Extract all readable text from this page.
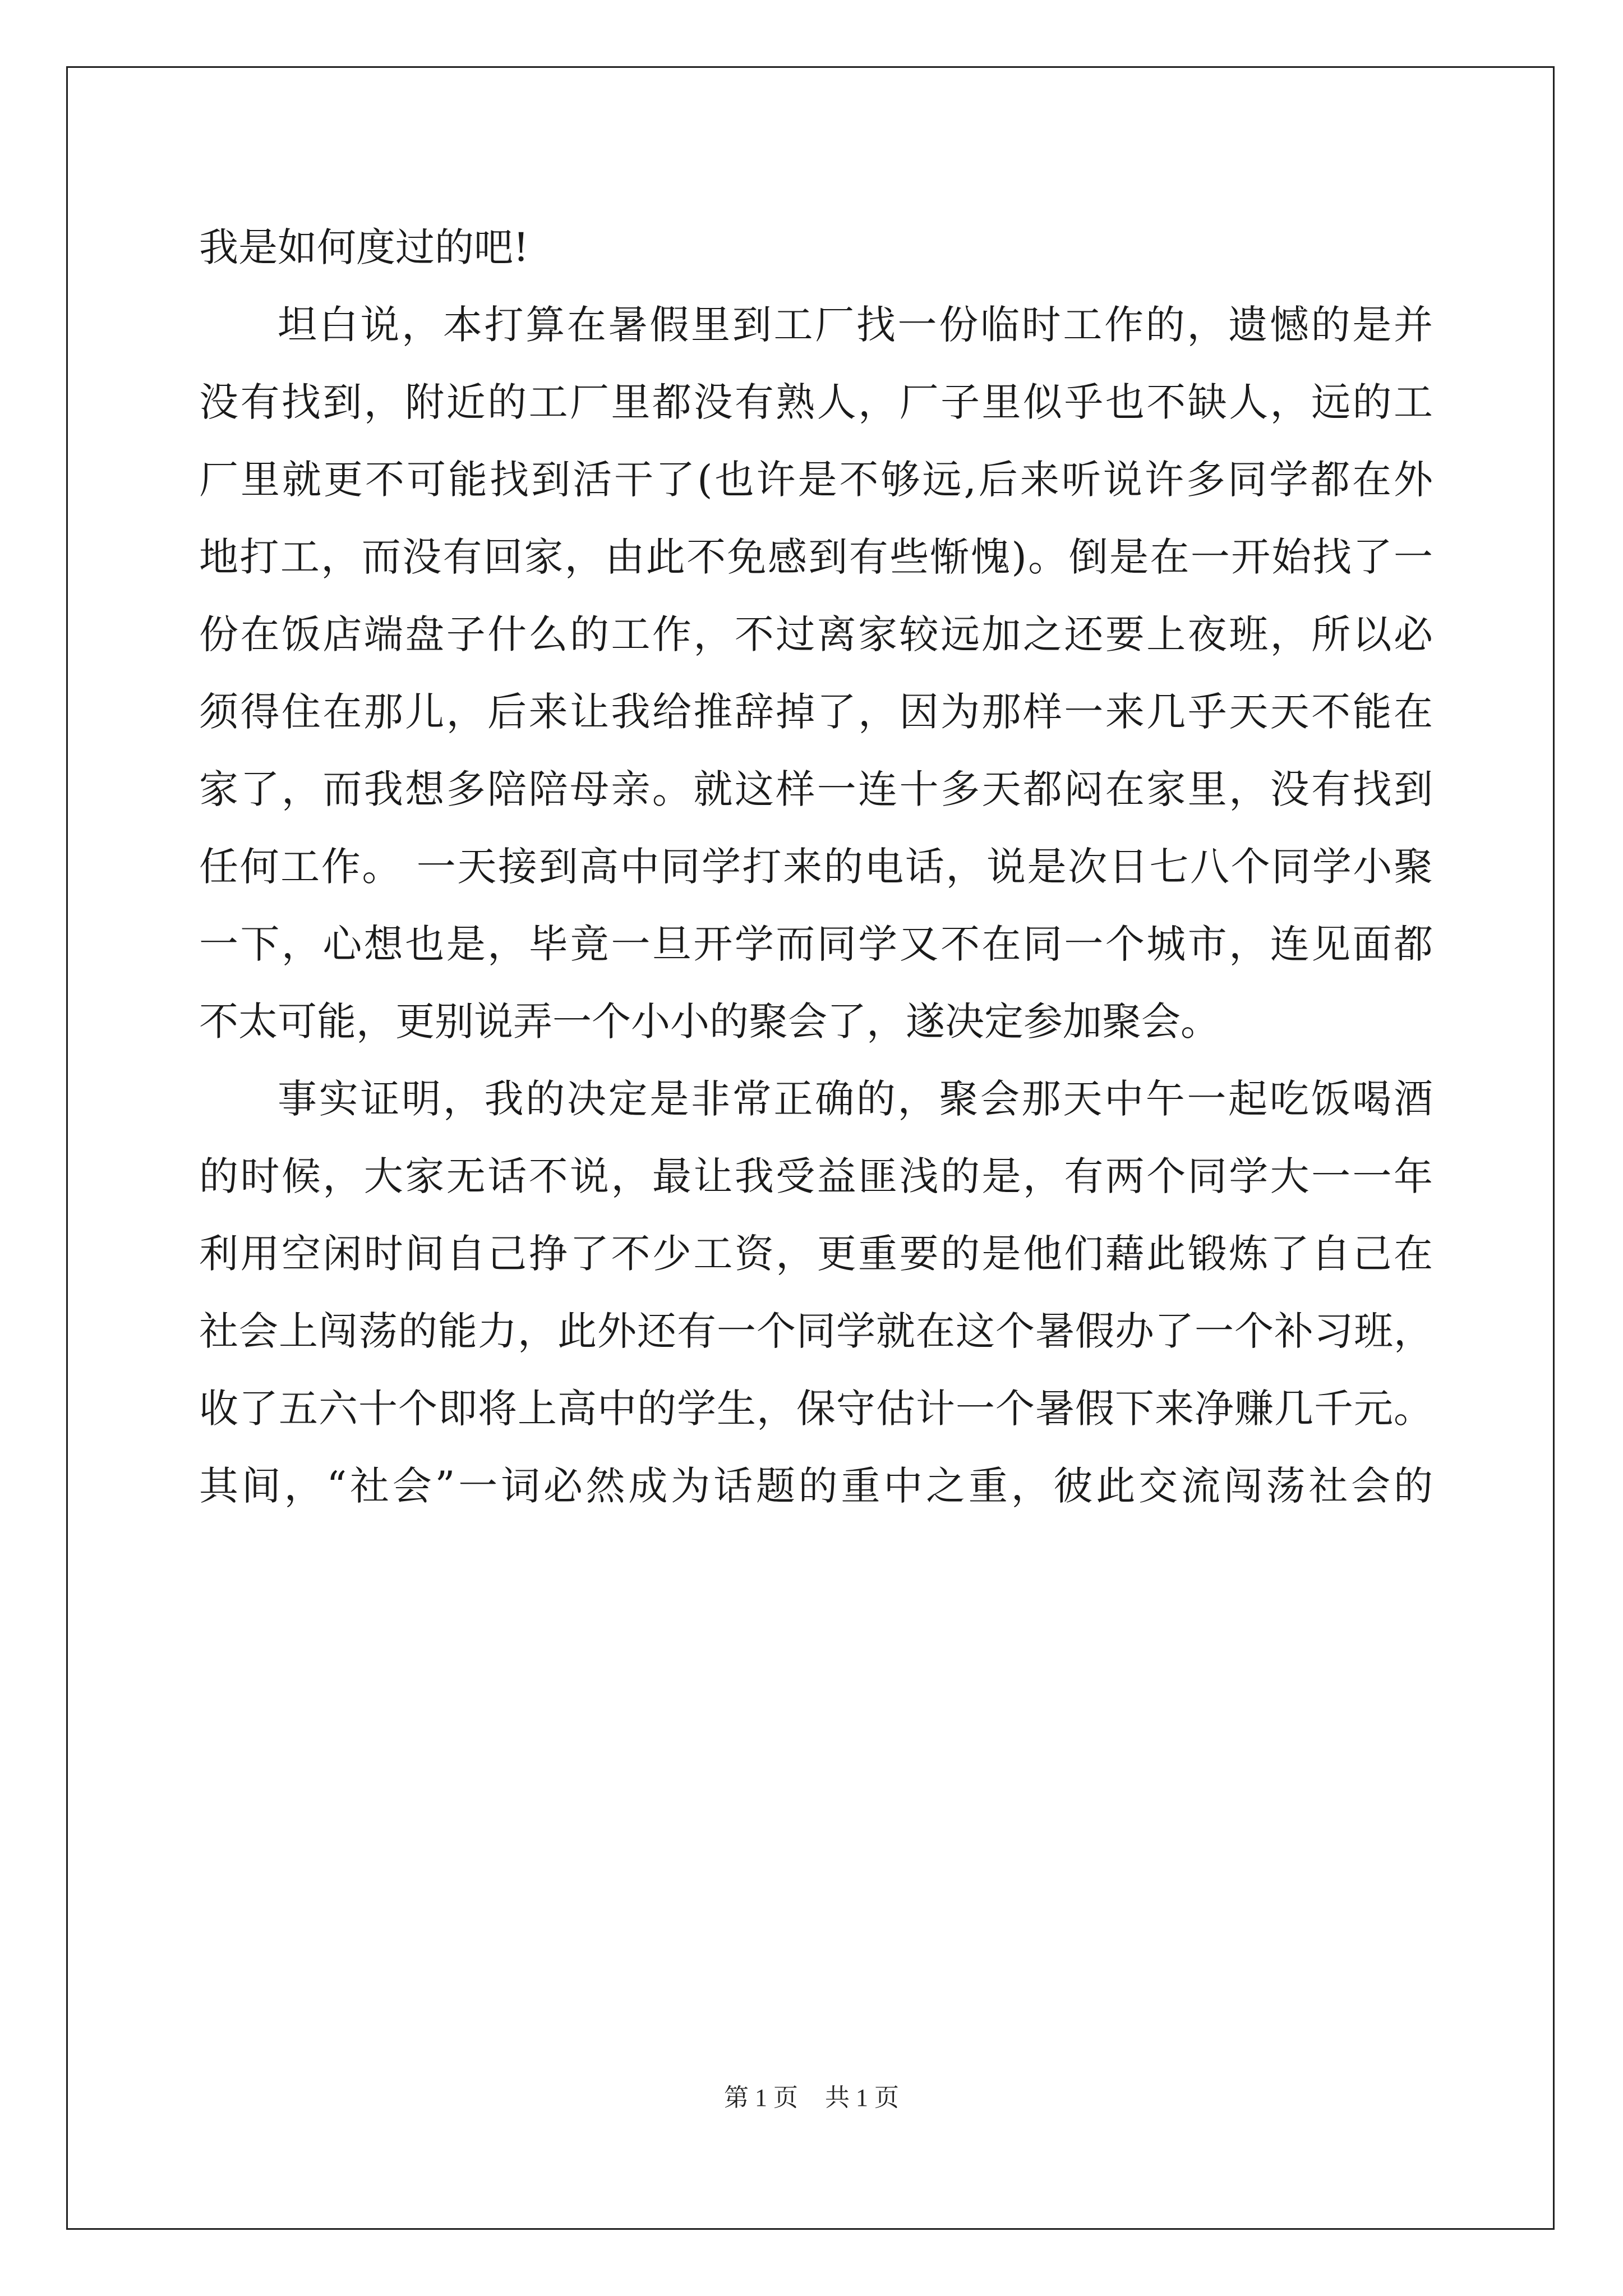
我是如何度过的吧!
坦白说，本打算在暑假里到工厂找一份临时工作的，遗憾的是并
没有找到，附近的工厂里都没有熟人，厂子里似乎也不缺人，远的工
厂里就更不可能找到活干了(也许是不够远,后来听说许多同学都在外
地打工，而没有回家，由此不免感到有些惭愧)。倒是在一开始找了一
份在饭店端盘子什么的工作，不过离家较远加之还要上夜班，所以必
须得住在那儿，后来让我给推辞掉了，因为那样一来几乎天天不能在
家了，而我想多陪陪母亲。就这样一连十多天都闷在家里，没有找到
任何工作。 一天接到高中同学打来的电话，说是次日七八个同学小聚
一下，心想也是，毕竟一旦开学而同学又不在同一个城市，连见面都
不太可能，更别说弄一个小小的聚会了，遂决定参加聚会。
事实证明，我的决定是非常正确的，聚会那天中午一起吃饭喝酒
的时候，大家无话不说，最让我受益匪浅的是，有两个同学大一一年
利用空闲时间自己挣了不少工资，更重要的是他们藉此锻炼了自己在
社会上闯荡的能力，此外还有一个同学就在这个暑假办了一个补习班，
收了五六十个即将上高中的学生，保守估计一个暑假下来净赚几千元。
其间，“社会”一词必然成为话题的重中之重，彼此交流闯荡社会的
第 1 页 共 1 页
